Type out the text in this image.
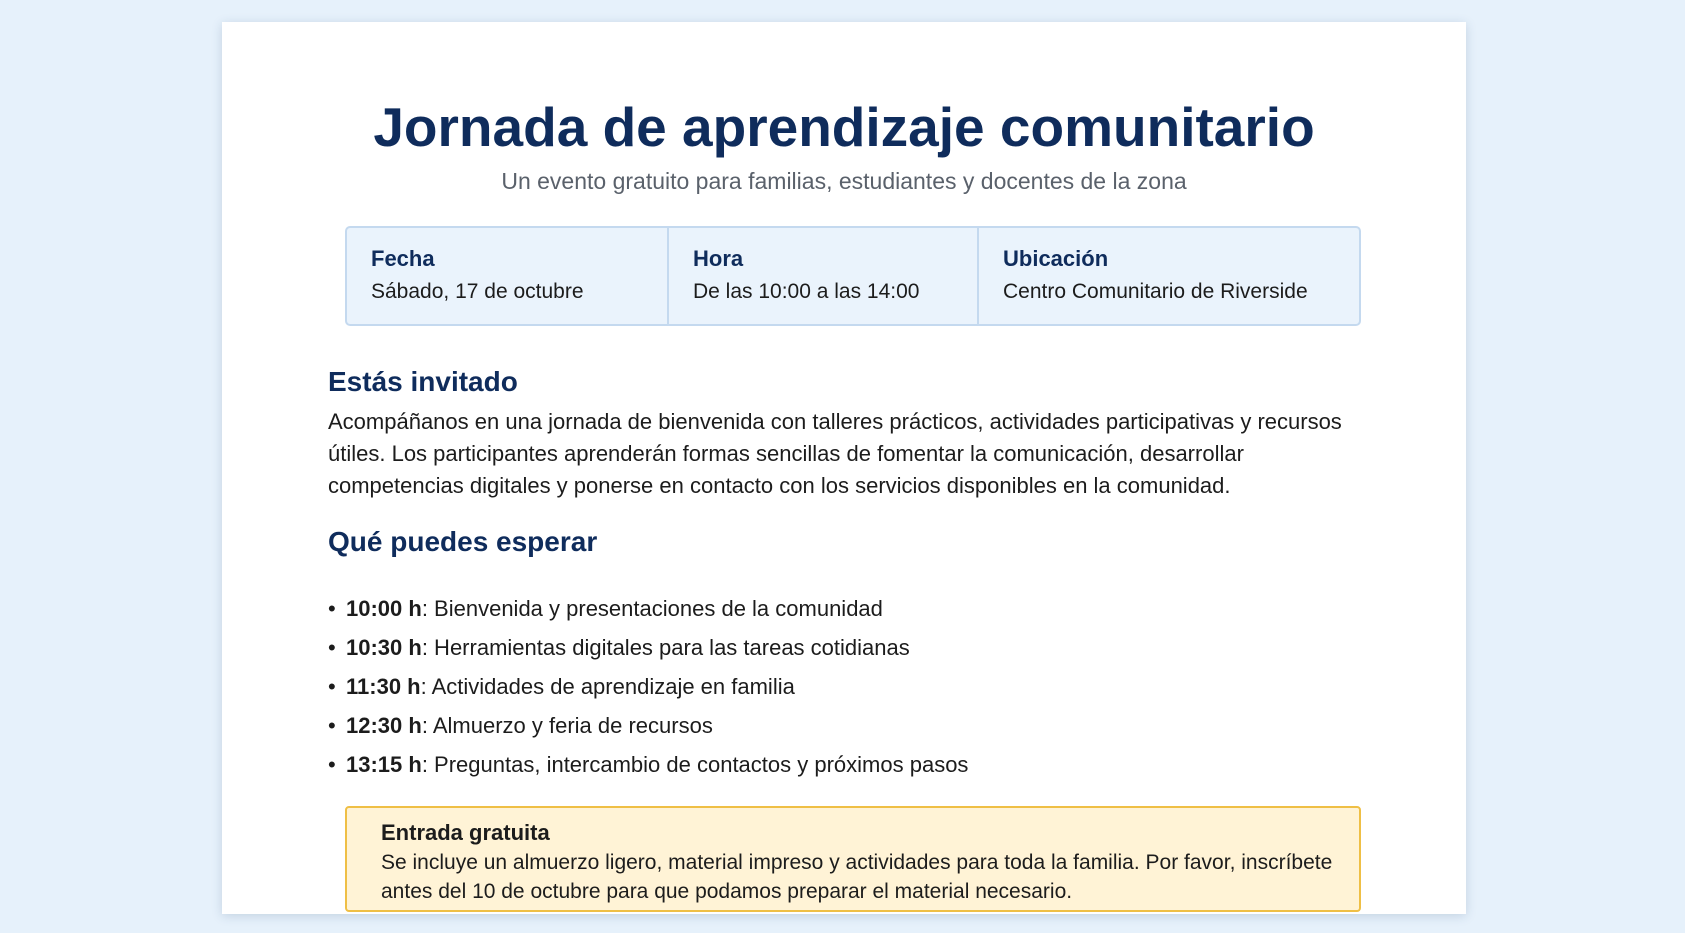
Jornada de aprendizaje comunitario

Un evento gratuito para familias, estudiantes y docentes de la zona

Fecha
Sábado, 17 de octubre
Hora
De las 10:00 a las 14:00
Ubicación
Centro Comunitario de Riverside
Estás invitado

Acompáñanos en una jornada de bienvenida con talleres prácticos, actividades participativas y recursos útiles. Los participantes aprenderán formas sencillas de fomentar la comunicación, desarrollar competencias digitales y ponerse en contacto con los servicios disponibles en la comunidad.

Qué puedes esperar
• 10:00 h: Bienvenida y presentaciones de la comunidad
• 10:30 h: Herramientas digitales para las tareas cotidianas
• 11:30 h: Actividades de aprendizaje en familia
• 12:30 h: Almuerzo y feria de recursos
• 13:15 h: Preguntas, intercambio de contactos y próximos pasos

Entrada gratuita

Se incluye un almuerzo ligero, material impreso y actividades para toda la familia. Por favor, inscríbete antes del 10 de octubre para que podamos preparar el material necesario.
